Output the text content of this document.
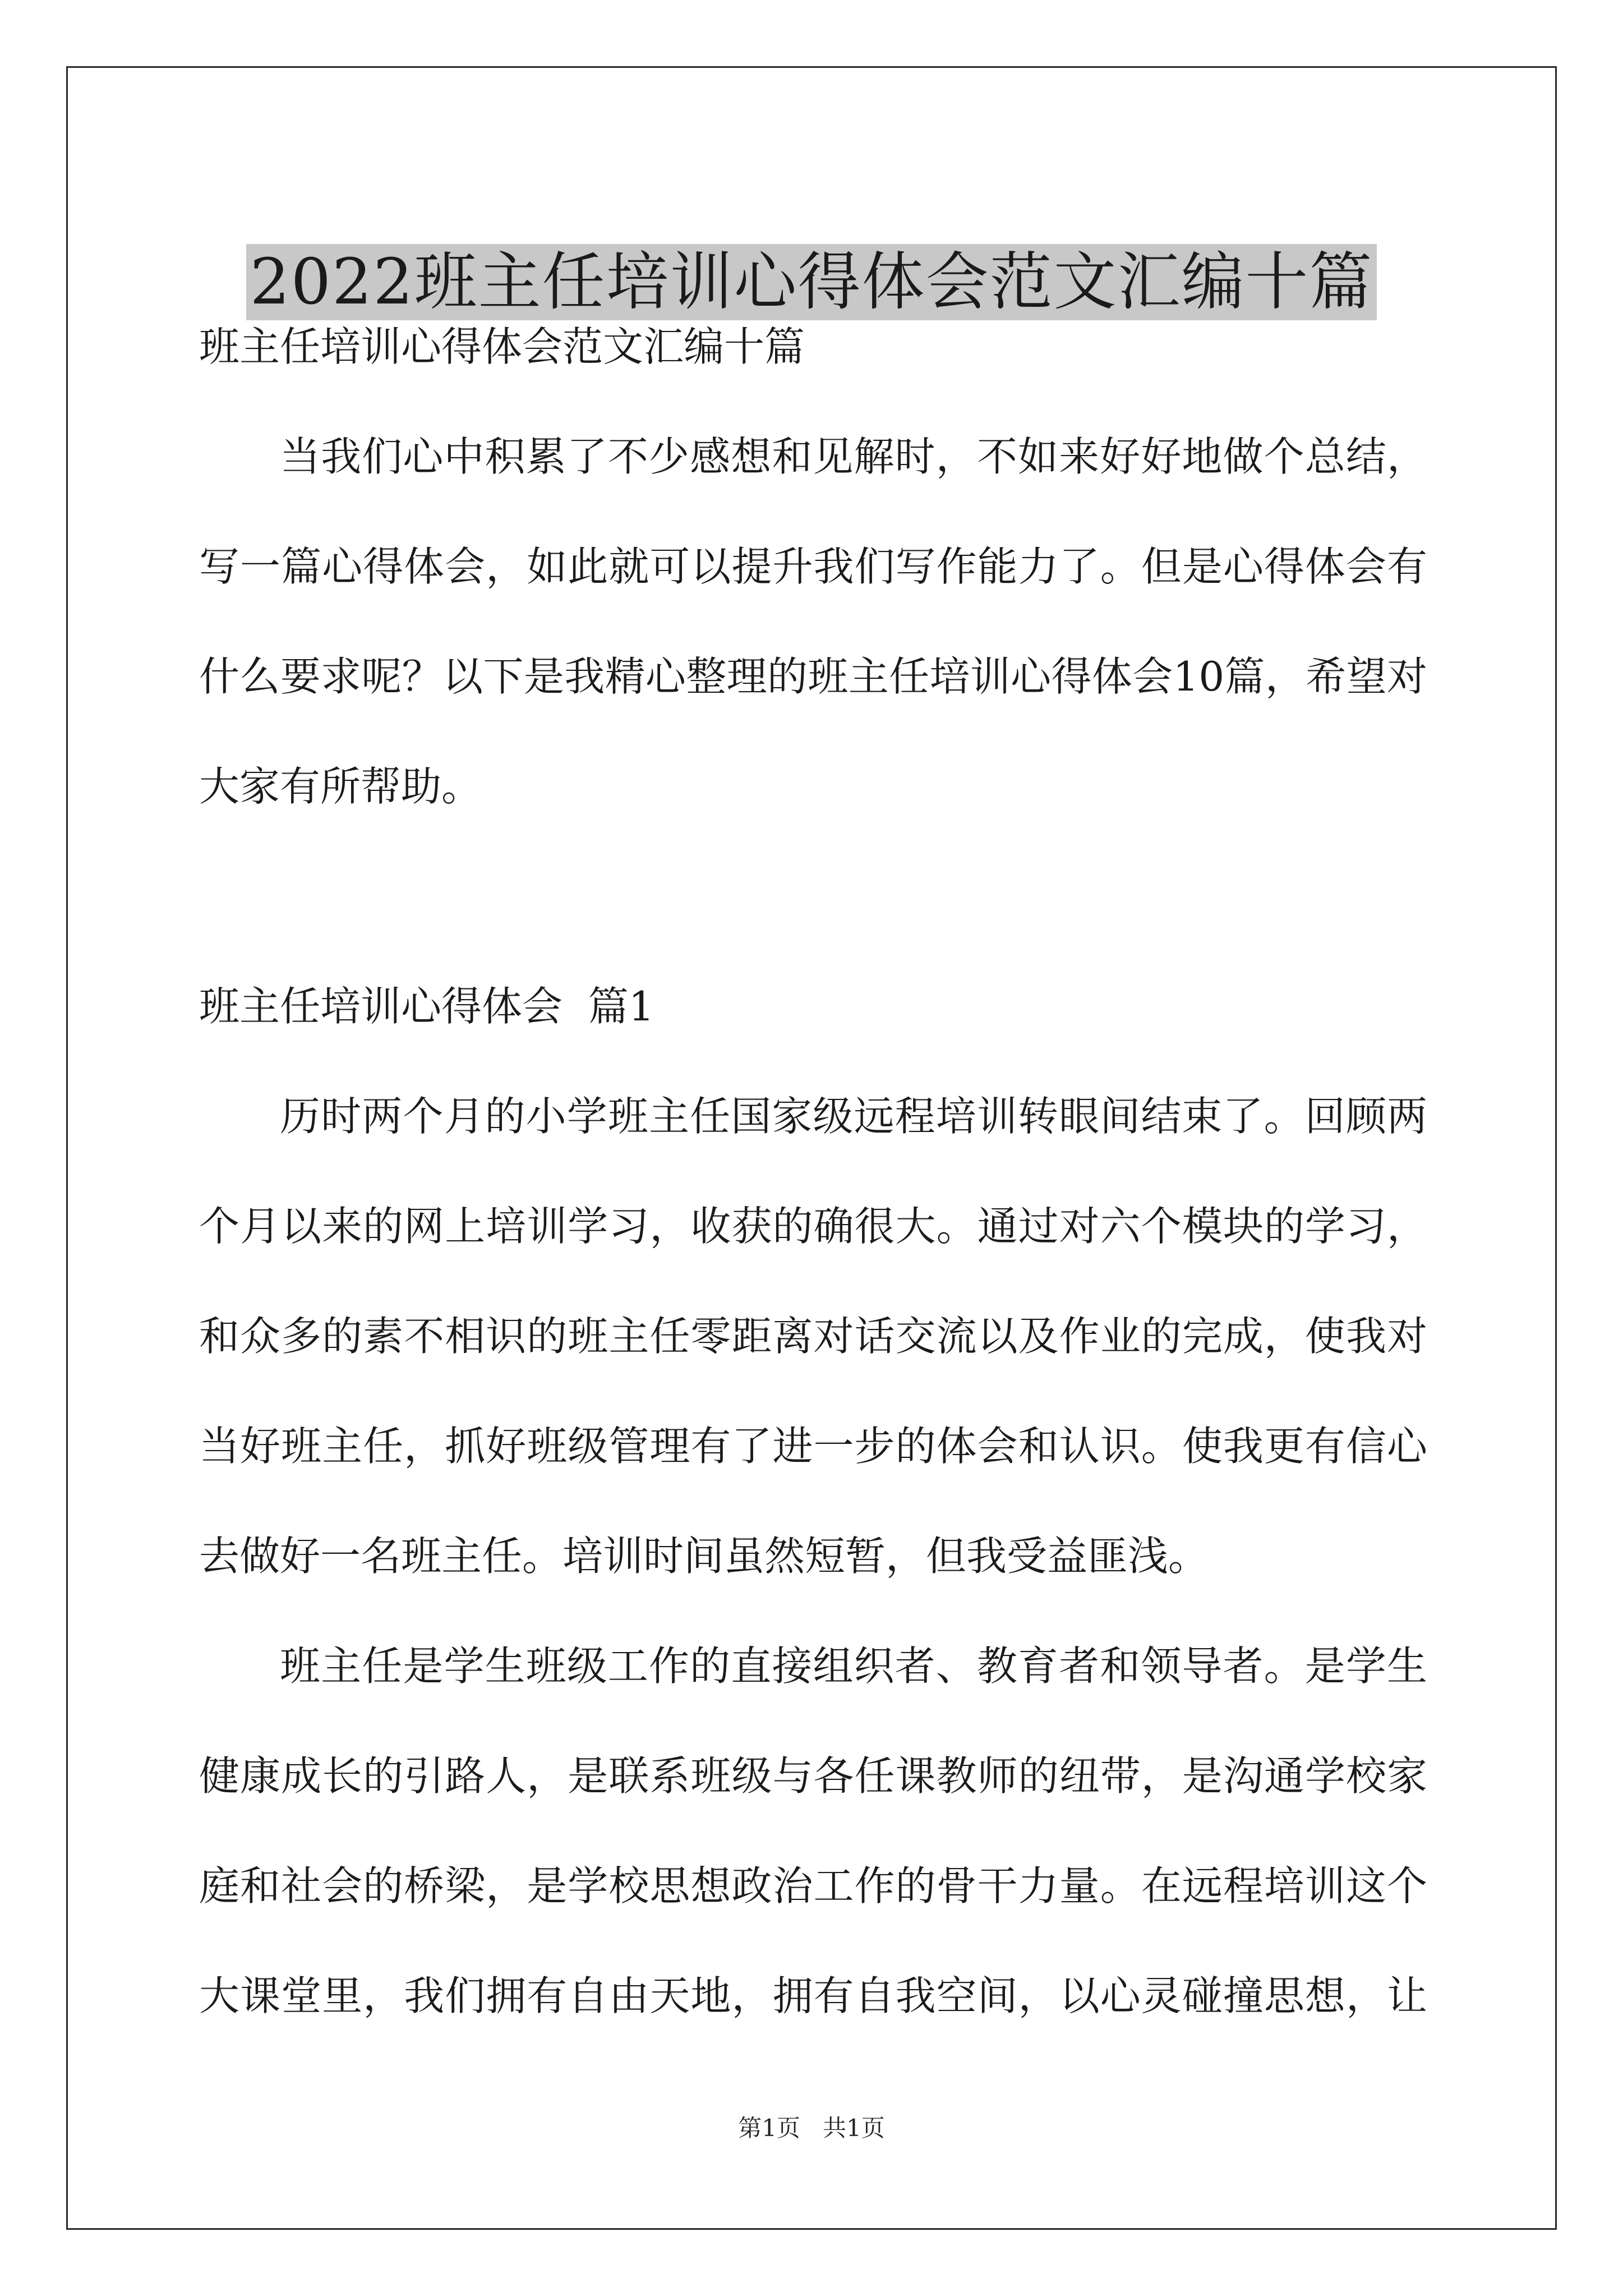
2022班主任培训心得体会范文汇编十篇
班主任培训心得体会范文汇编十篇
当我们心中积累了不少感想和见解时，不如来好好地做个总结，
写一篇心得体会，如此就可以提升我们写作能力了。但是心得体会有
什么要求呢？以下是我精心整理的班主任培训心得体会10篇，希望对
大家有所帮助。
班主任培训心得体会  篇1
历时两个月的小学班主任国家级远程培训转眼间结束了。回顾两
个月以来的网上培训学习，收获的确很大。通过对六个模块的学习，
和众多的素不相识的班主任零距离对话交流以及作业的完成，使我对
当好班主任，抓好班级管理有了进一步的体会和认识。使我更有信心
去做好一名班主任。培训时间虽然短暂，但我受益匪浅。
班主任是学生班级工作的直接组织者、教育者和领导者。是学生
健康成长的引路人，是联系班级与各任课教师的纽带，是沟通学校家
庭和社会的桥梁，是学校思想政治工作的骨干力量。在远程培训这个
大课堂里，我们拥有自由天地，拥有自我空间，以心灵碰撞思想，让
第1页 共1页
